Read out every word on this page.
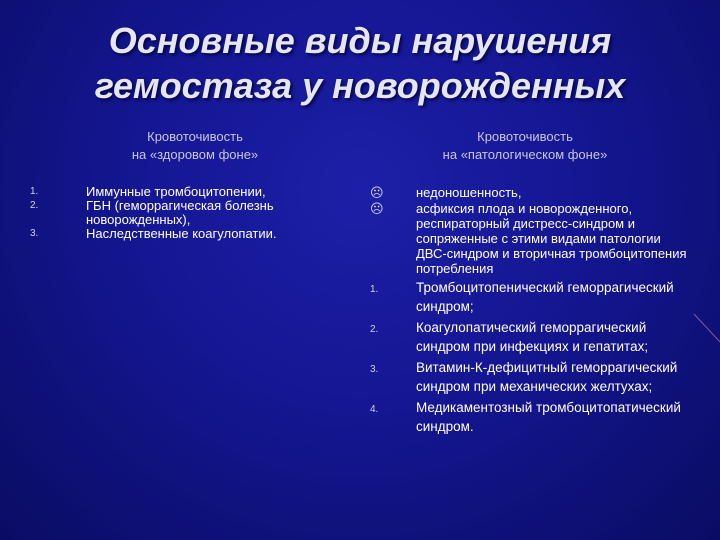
Основные виды нарушения
гемостаза у новорожденных
Кровоточивость
на «здоровом фоне»
Кровоточивость
на «патологическом фоне»
1.	Иммунные тромбоцитопении,
2.	ГБН (геморрагическая болезнь новорожденных),
3.	Наследственные коагулопатии.
☹ недоношенность,
☹ асфиксия плода и новорожденного, респираторный дистресс-синдром и сопряженные с этими видами патологии ДВС-синдром и вторичная тромбоцитопения потребления
1.	Тромбоцитопенический геморрагический синдром;
2.	Коагулопатический геморрагический синдром при инфекциях и гепатитах;
3.	Витамин-К-дефицитный геморрагический синдром при механических желтухах;
4.	Медикаментозный тромбоцитопатический синдром.
